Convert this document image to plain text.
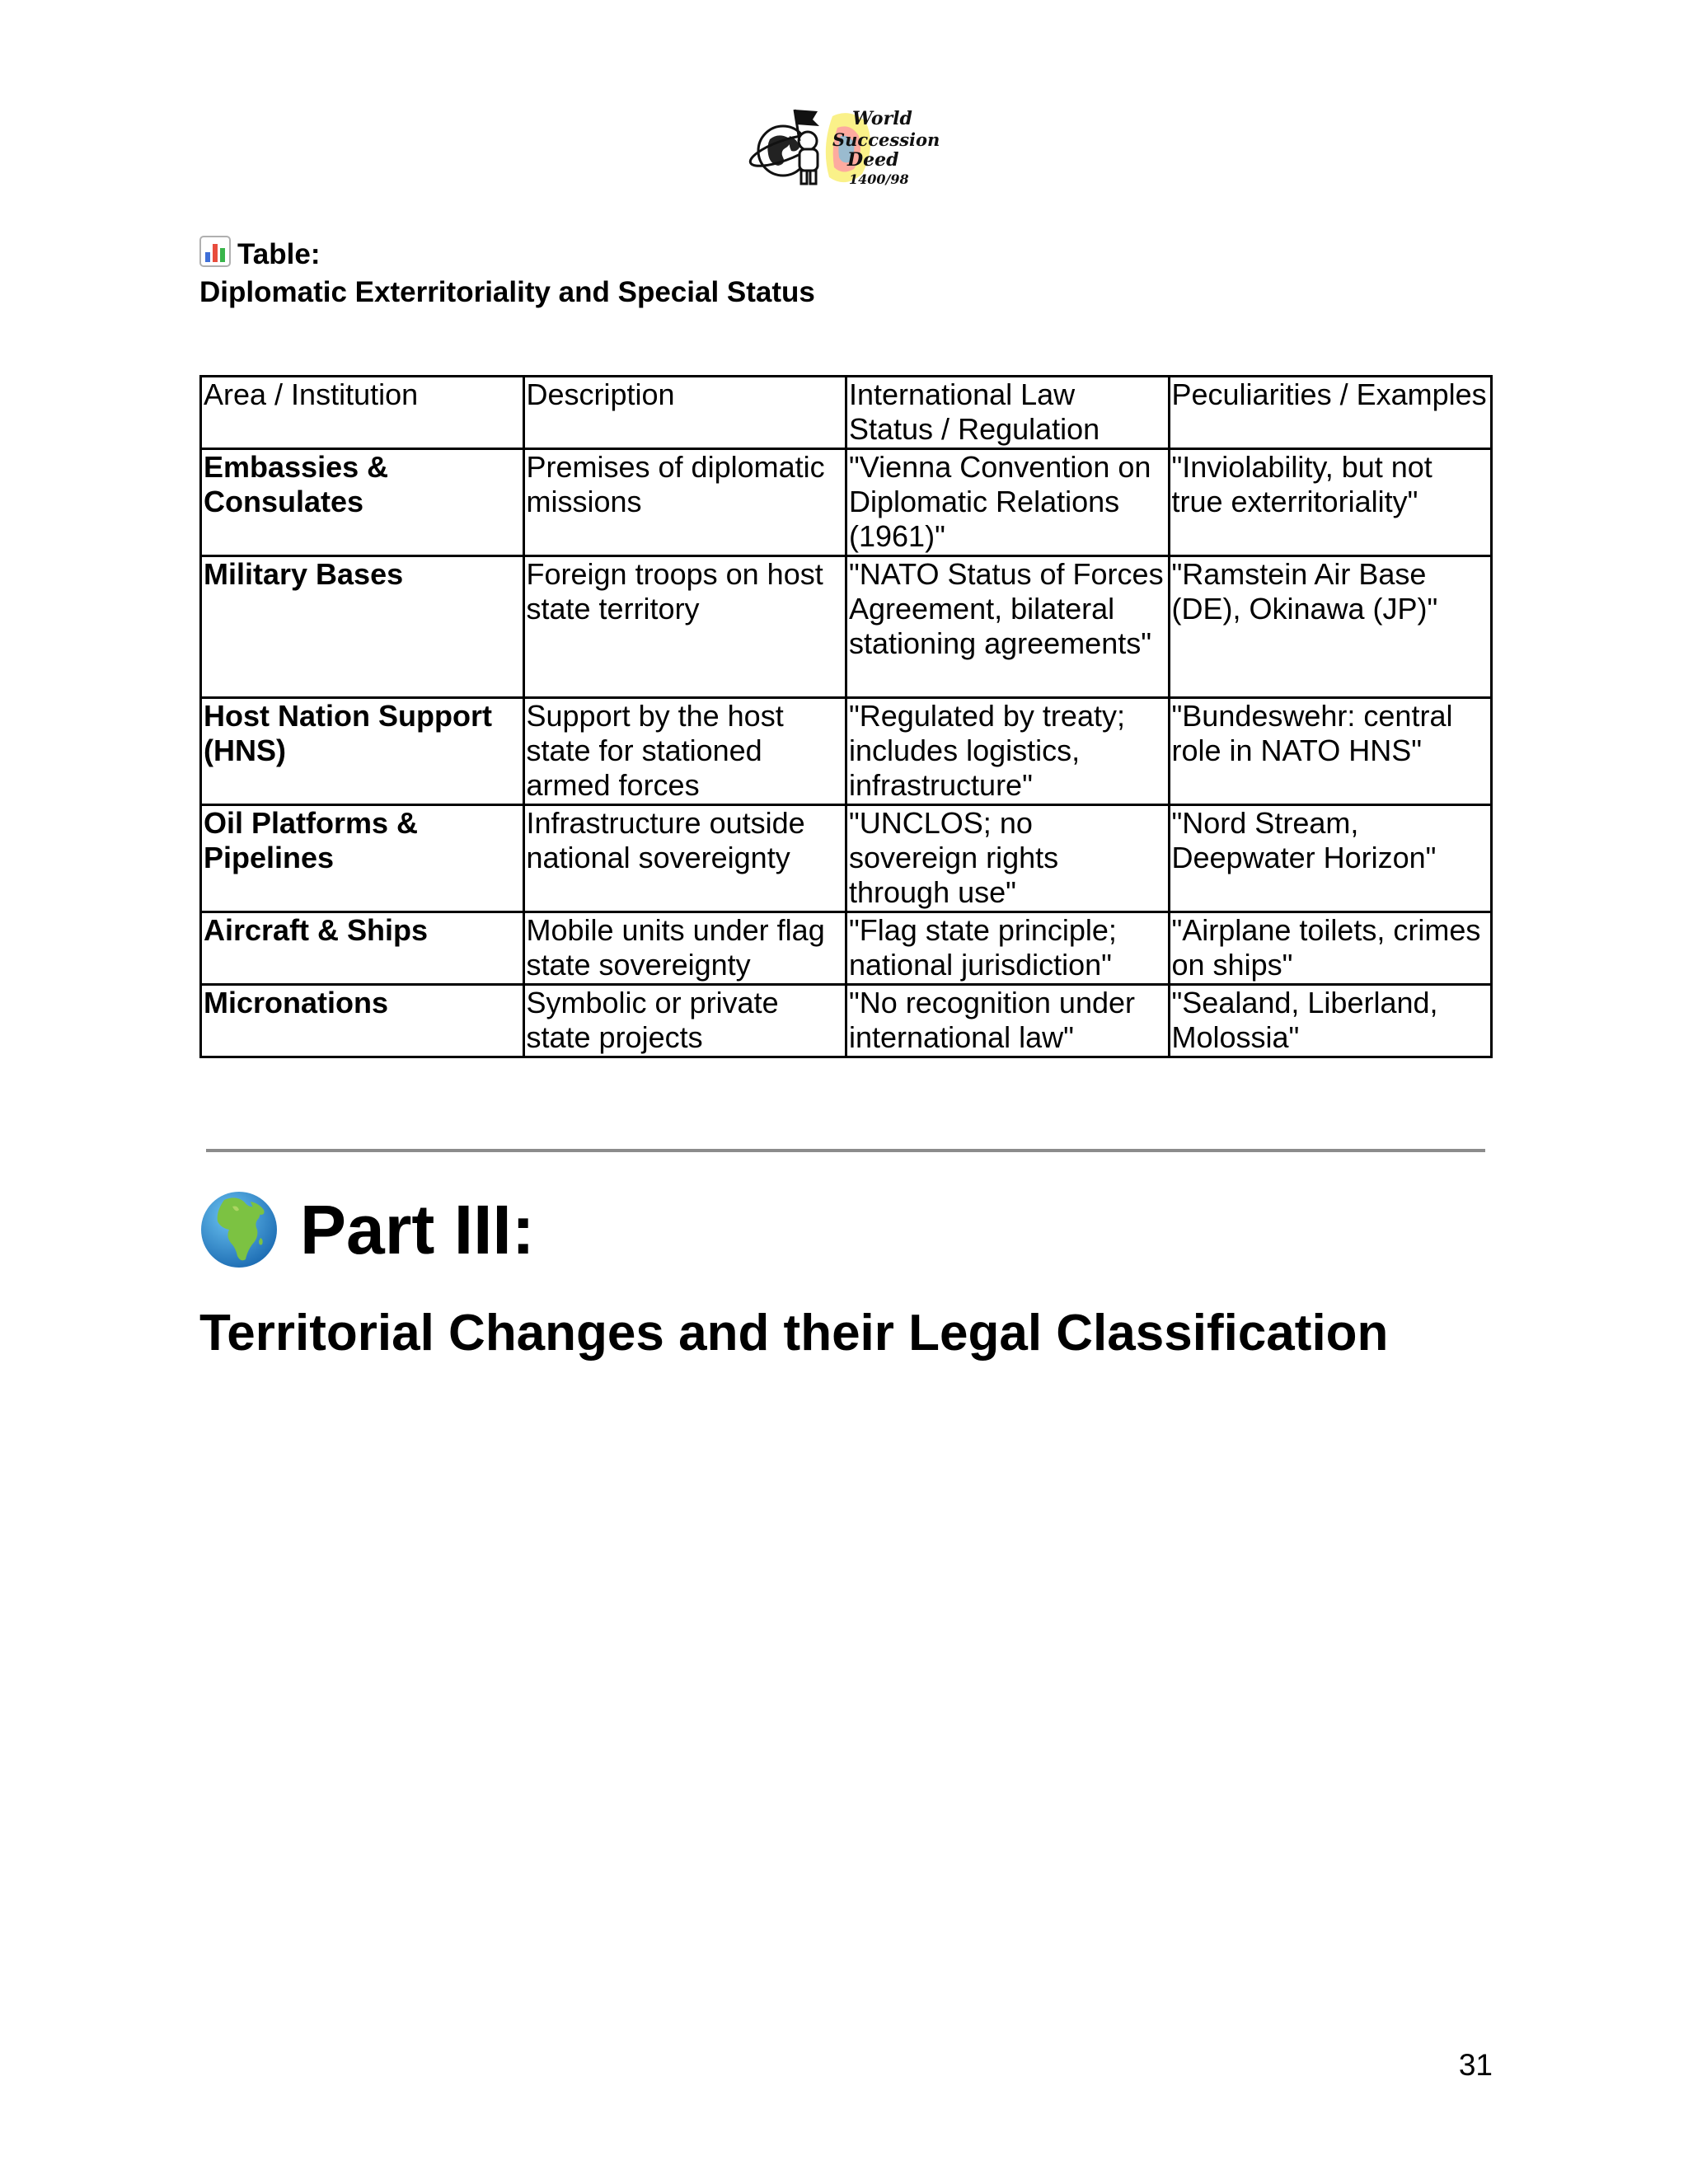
World
Succession
Deed
1400/98
Table:
Diplomatic Exterritoriality and Special Status
Area / Institution	Description	International Law Status / Regulation	Peculiarities / Examples
Embassies & Consulates	Premises of diplomatic missions	"Vienna Convention on Diplomatic Relations (1961)"	"Inviolability, but not true exterritoriality"
Military Bases	Foreign troops on host state territory	"NATO Status of Forces Agreement, bilateral stationing agreements"	"Ramstein Air Base (DE), Okinawa (JP)"
Host Nation Support (HNS)	Support by the host state for stationed armed forces	"Regulated by treaty; includes logistics, infrastructure"	"Bundeswehr: central role in NATO HNS"
Oil Platforms & Pipelines	Infrastructure outside national sovereignty	"UNCLOS; no sovereign rights through use"	"Nord Stream, Deepwater Horizon"
Aircraft & Ships	Mobile units under flag state sovereignty	"Flag state principle; national jurisdiction"	"Airplane toilets, crimes on ships"
Micronations	Symbolic or private state projects	"No recognition under international law"	"Sealand, Liberland, Molossia"
Part III:
Territorial Changes and their Legal Classification
31
